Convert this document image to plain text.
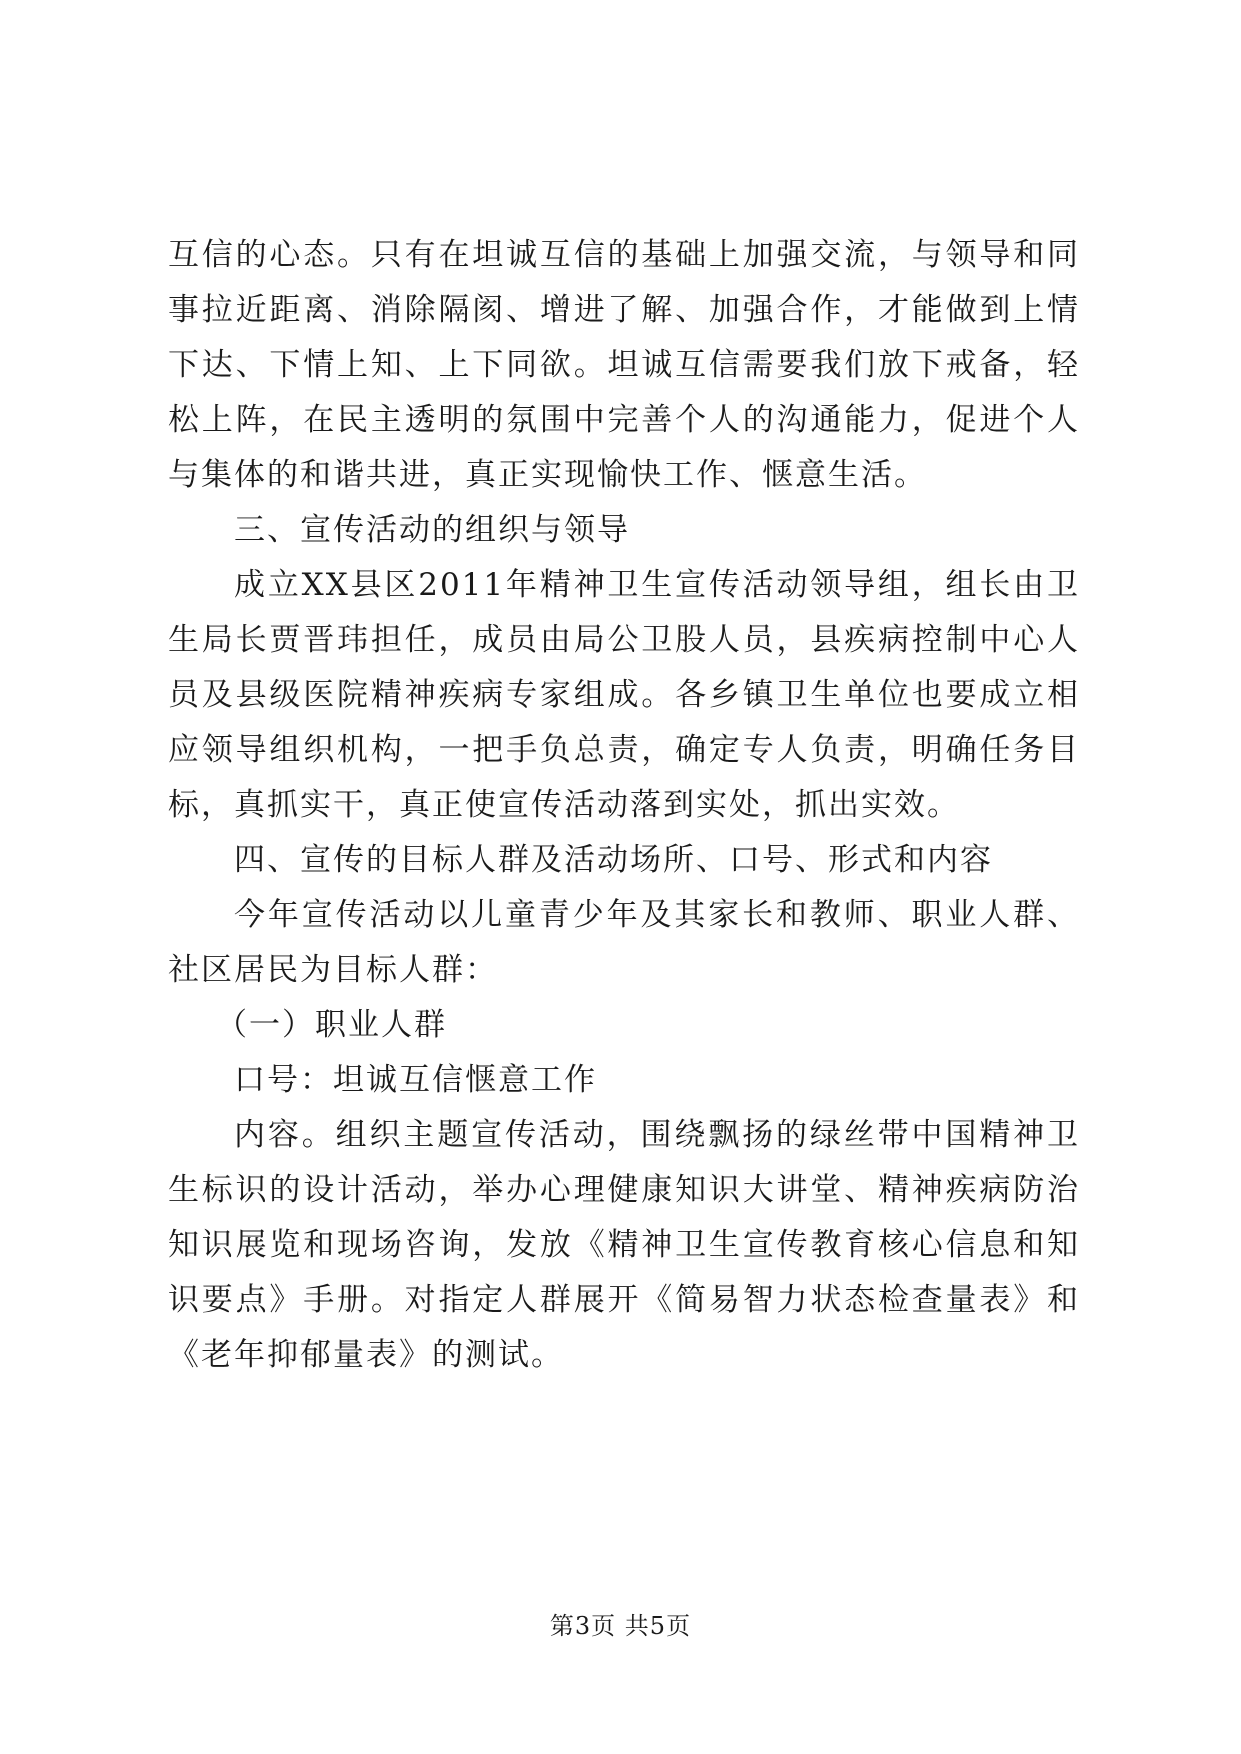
互信的心态。只有在坦诚互信的基础上加强交流，与领导和同事拉近距离、消除隔阂、增进了解、加强合作，才能做到上情下达、下情上知、上下同欲。坦诚互信需要我们放下戒备，轻松上阵，在民主透明的氛围中完善个人的沟通能力，促进个人与集体的和谐共进，真正实现愉快工作、惬意生活。

三、宣传活动的组织与领导

成立XX县区2011年精神卫生宣传活动领导组，组长由卫生局长贾晋玮担任，成员由局公卫股人员，县疾病控制中心人员及县级医院精神疾病专家组成。各乡镇卫生单位也要成立相应领导组织机构，一把手负总责，确定专人负责，明确任务目标，真抓实干，真正使宣传活动落到实处，抓出实效。

四、宣传的目标人群及活动场所、口号、形式和内容

今年宣传活动以儿童青少年及其家长和教师、职业人群、社区居民为目标人群：

（一）职业人群

口号：坦诚互信惬意工作

内容。组织主题宣传活动，围绕飘扬的绿丝带中国精神卫生标识的设计活动，举办心理健康知识大讲堂、精神疾病防治知识展览和现场咨询，发放《精神卫生宣传教育核心信息和知识要点》手册。对指定人群展开《简易智力状态检查量表》和《老年抑郁量表》的测试。

第3页 共5页
